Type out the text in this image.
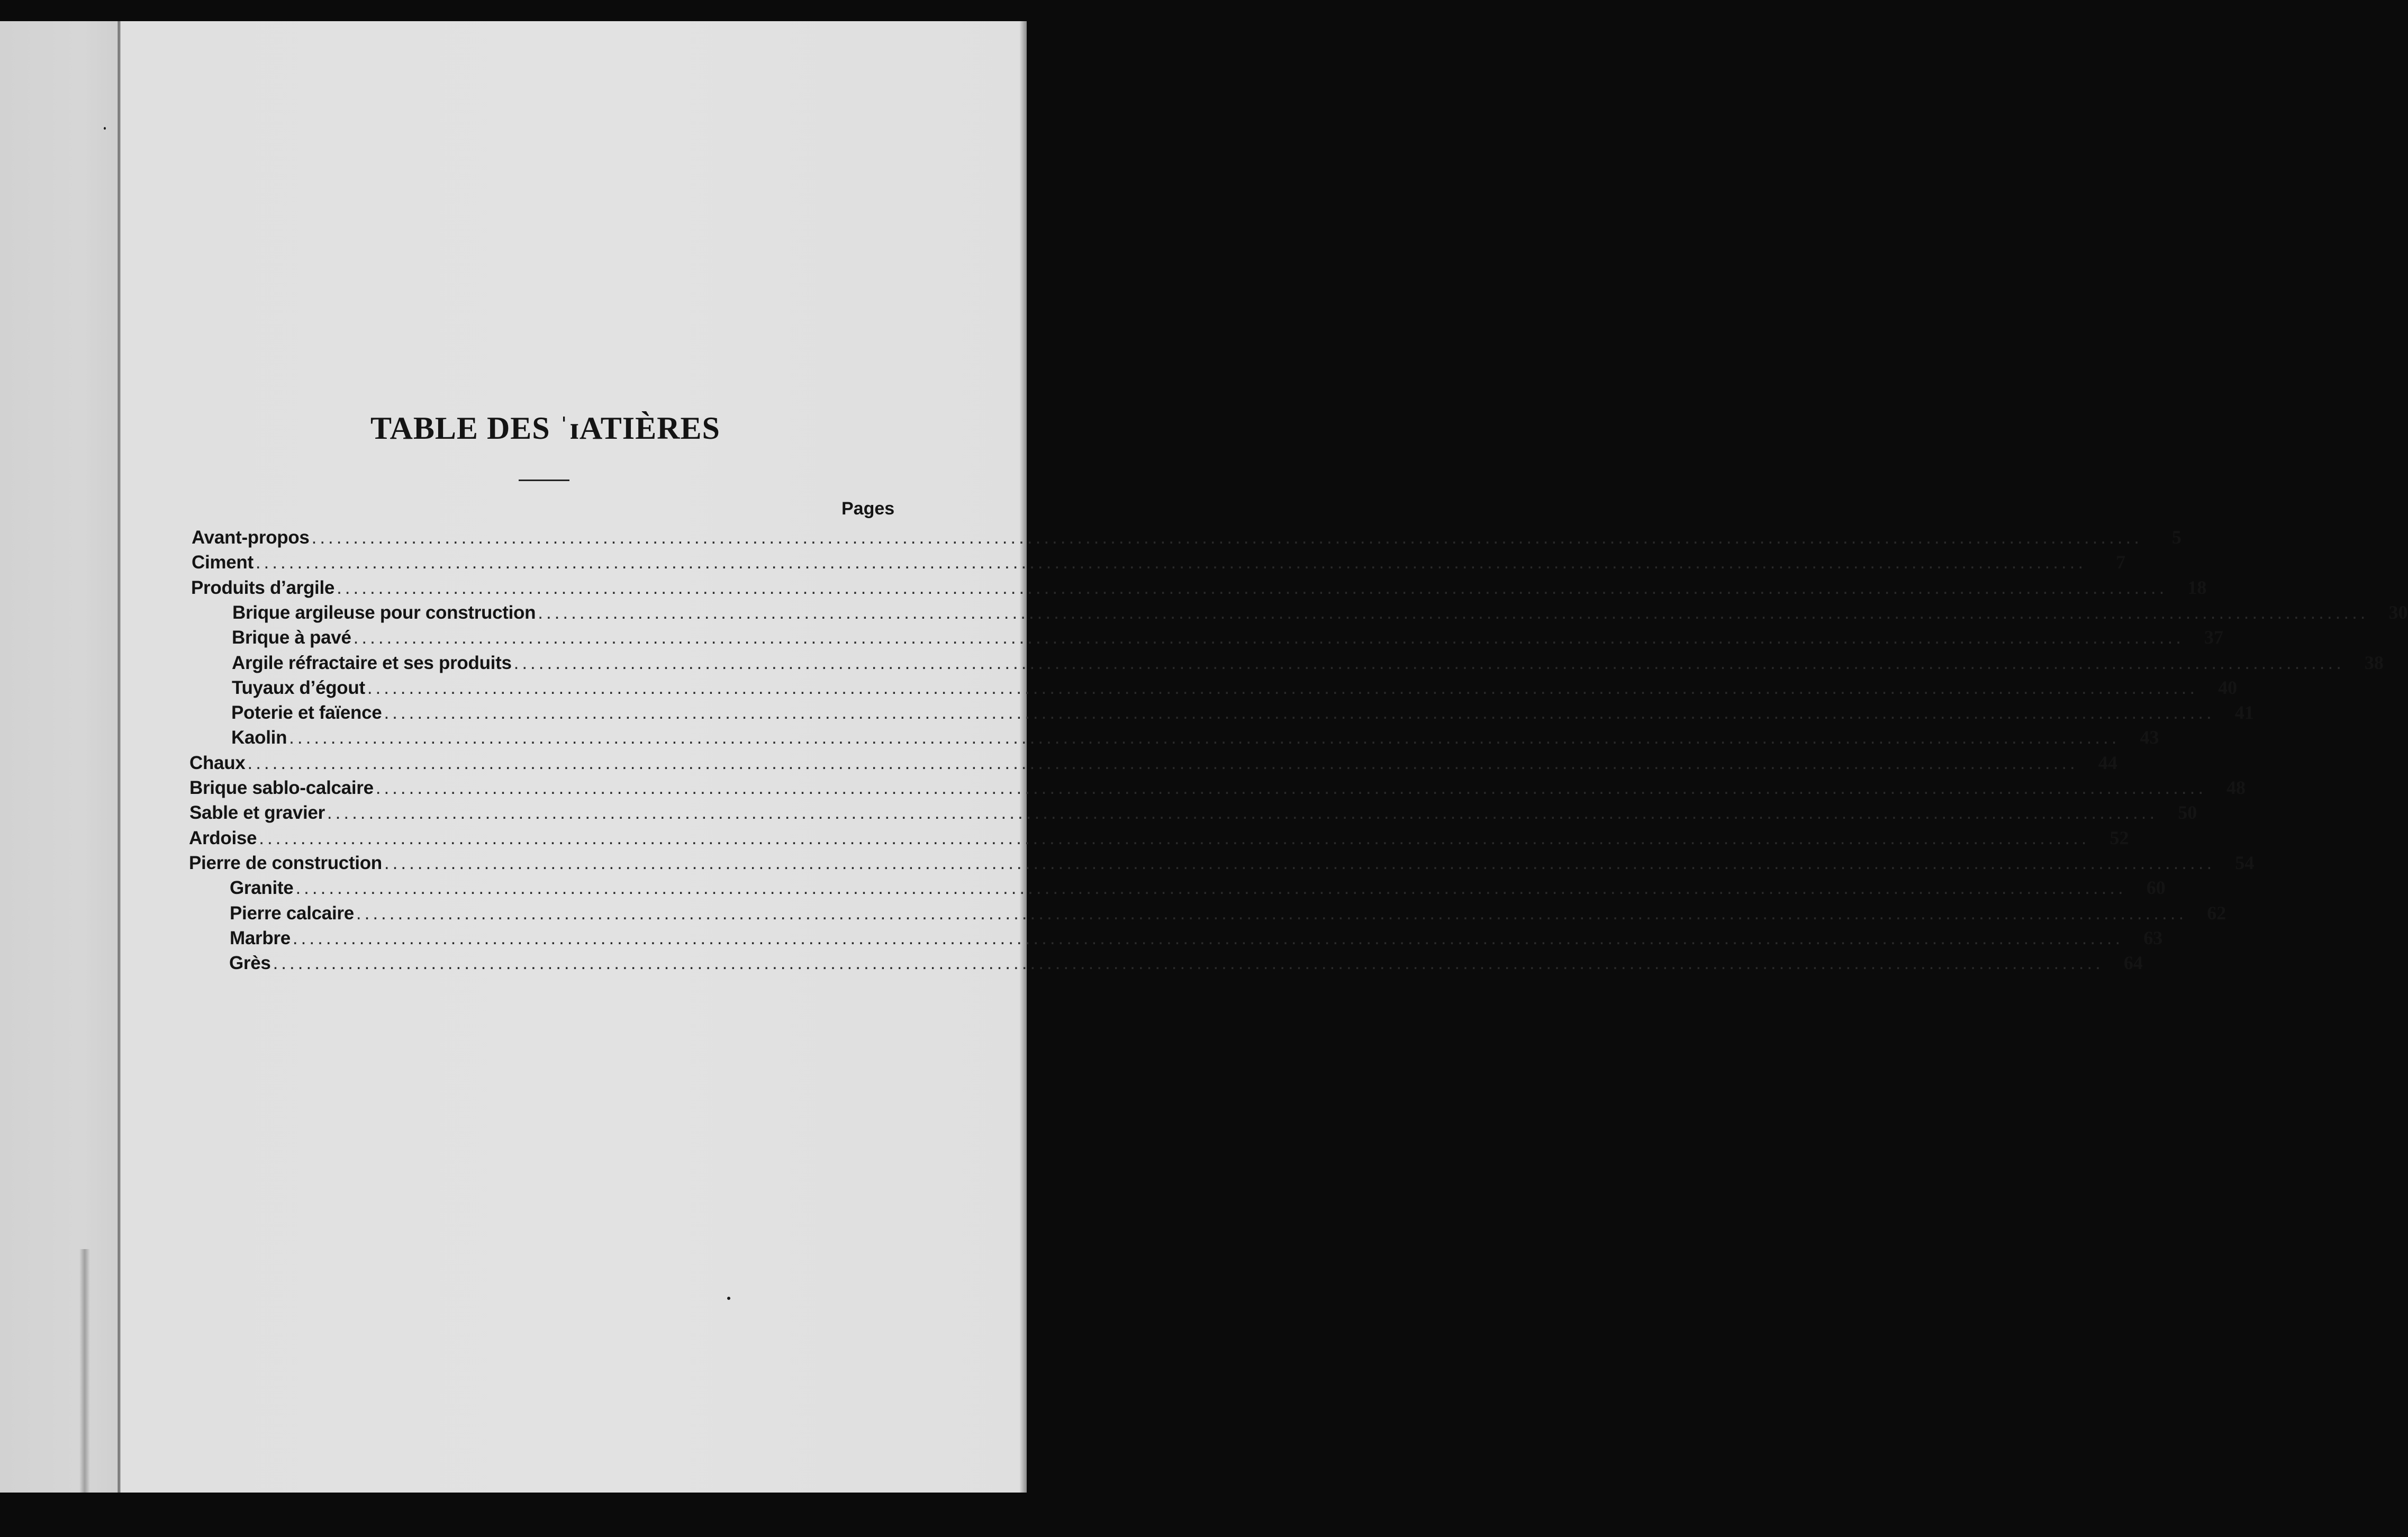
TABLE DES ˈɪATIÈRES
Pages
Avant-propos ............................................................................................................................................................................................................................	5
Ciment ............................................................................................................................................................................................................................	7
Produits d’argile ............................................................................................................................................................................................................................	18
Brique argileuse pour construction ............................................................................................................................................................................................................................	30
Brique à pavé ............................................................................................................................................................................................................................	37
Argile réfractaire et ses produits ............................................................................................................................................................................................................................	38
Tuyaux d’égout ............................................................................................................................................................................................................................	40
Poterie et faïence ............................................................................................................................................................................................................................	41
Kaolin ............................................................................................................................................................................................................................	43
Chaux ............................................................................................................................................................................................................................	44
Brique sablo-calcaire ............................................................................................................................................................................................................................	48
Sable et gravier ............................................................................................................................................................................................................................	50
Ardoise ............................................................................................................................................................................................................................	52
Pierre de construction ............................................................................................................................................................................................................................	54
Granite ............................................................................................................................................................................................................................	60
Pierre calcaire ............................................................................................................................................................................................................................	62
Marbre ............................................................................................................................................................................................................................	63
Grès ............................................................................................................................................................................................................................	64
